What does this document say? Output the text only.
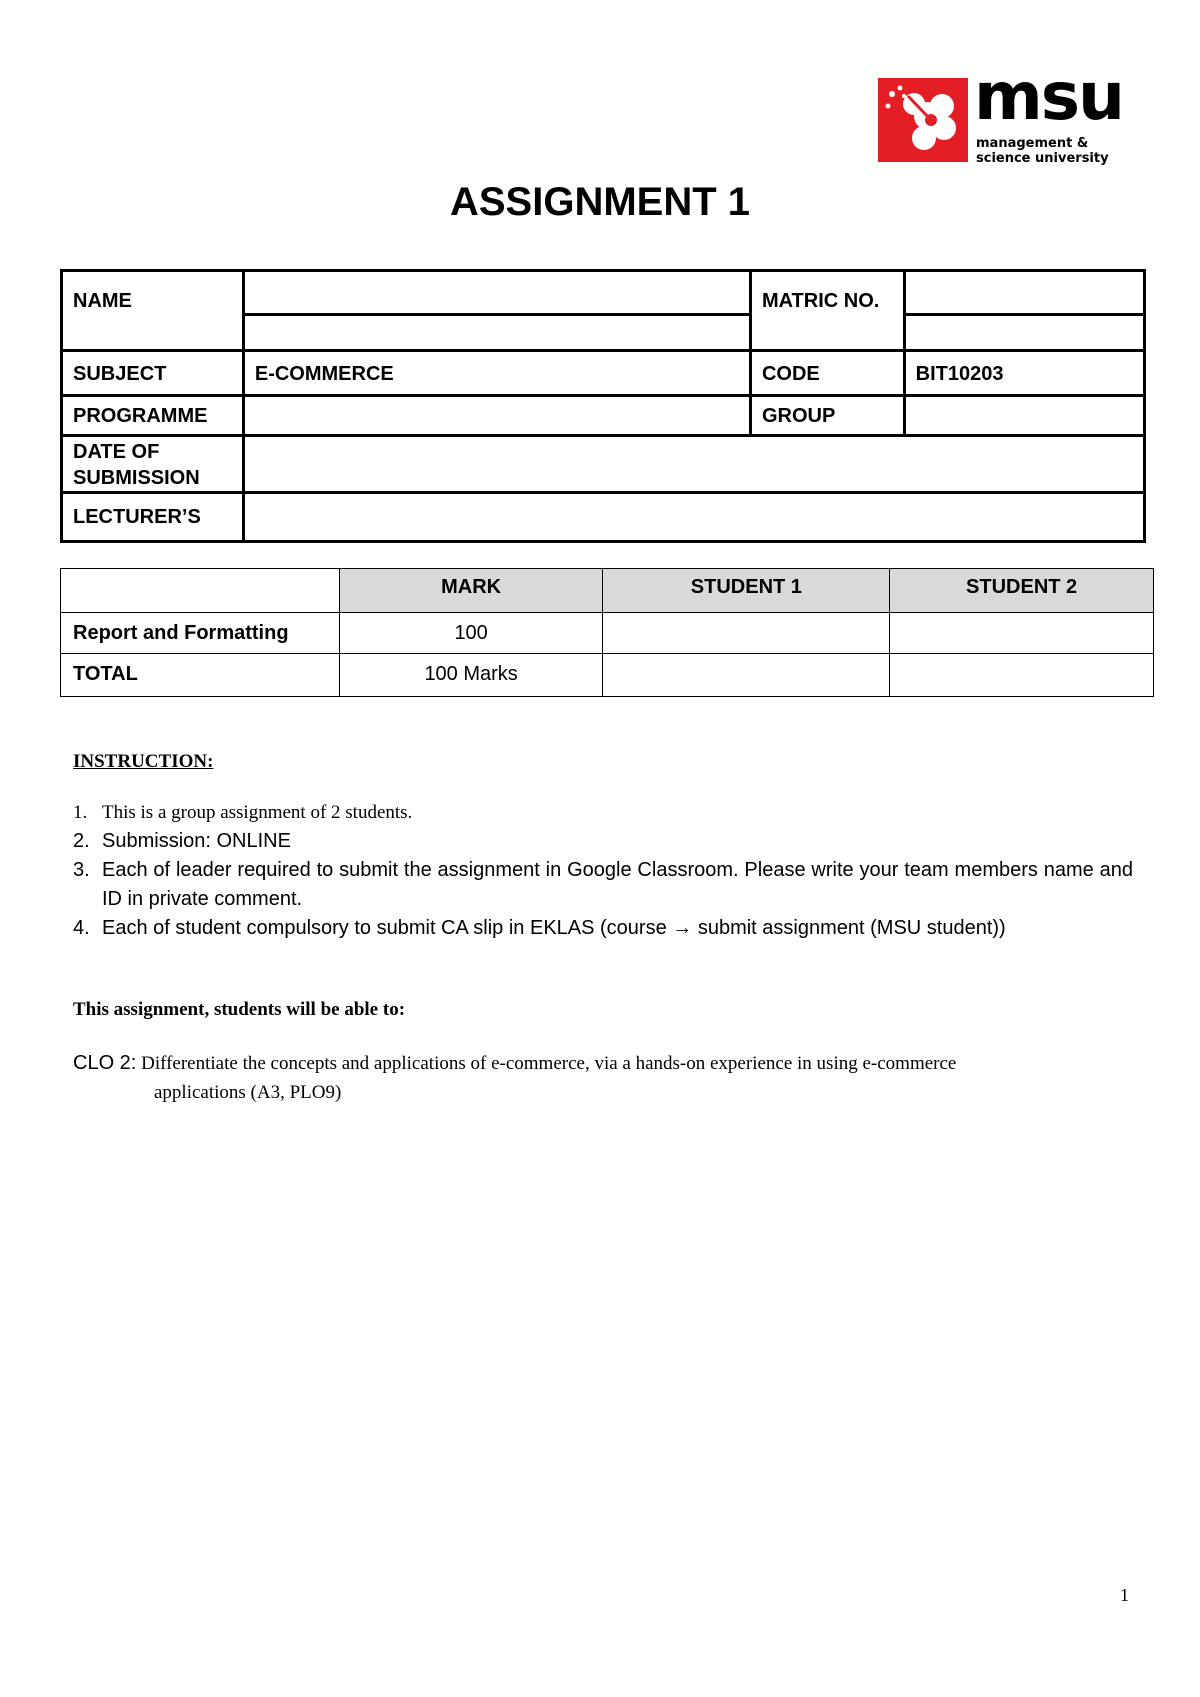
msu
management &
science university
ASSIGNMENT 1
NAME		MATRIC NO.	

SUBJECT	E-COMMERCE	CODE	BIT10203
PROGRAMME		GROUP	
DATE OF SUBMISSION			
LECTURER’S			
	MARK	STUDENT 1	STUDENT 2
Report and Formatting	100		
TOTAL	100 Marks		
INSTRUCTION:
1. This is a group assignment of 2 students.
2. Submission: ONLINE
3. Each of leader required to submit the assignment in Google Classroom. Please write your team members name and ID in private comment.
4. Each of student compulsory to submit CA slip in EKLAS (course → submit assignment (MSU student))
This assignment, students will be able to:
CLO 2: Differentiate the concepts and applications of e-commerce, via a hands-on experience in using e-commerce
applications (A3, PLO9)
1
